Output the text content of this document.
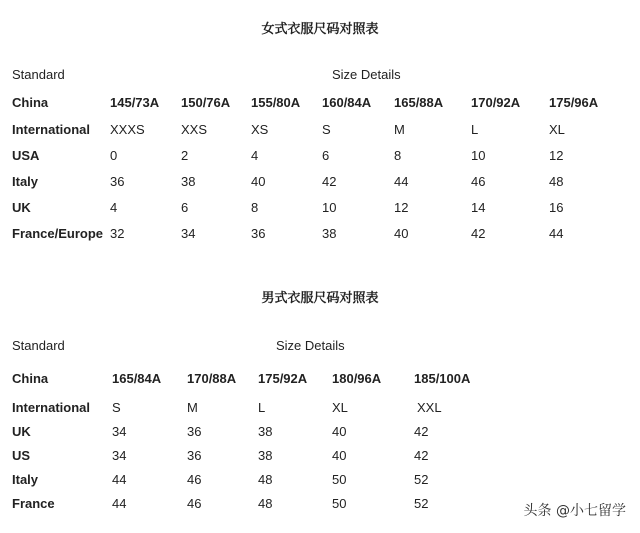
女式衣服尺码对照表
Standard	Size Details
China	145/73A 150/76A 155/80A 160/84A 165/88A 170/92A 175/96A
International XXXS	XXS	XS	S	M	L	XL
USA	0	2	4	6	8	10	12
Italy	36	38	40	42	44	46	48
UK	4	6	8	10	12	14	16
France/Europe 32	34	36	38	40	42	44
男式衣服尺码对照表
Standard	Size Details
China	165/84A 170/88A 175/92A 180/96A	185/100A
International S	M	L	XL	XXL
UK	34	36	38	40	42
US	34	36	38	40	42
Italy	44	46	48	50	52
France	44	46	48	50	52	头条 @小七留学
